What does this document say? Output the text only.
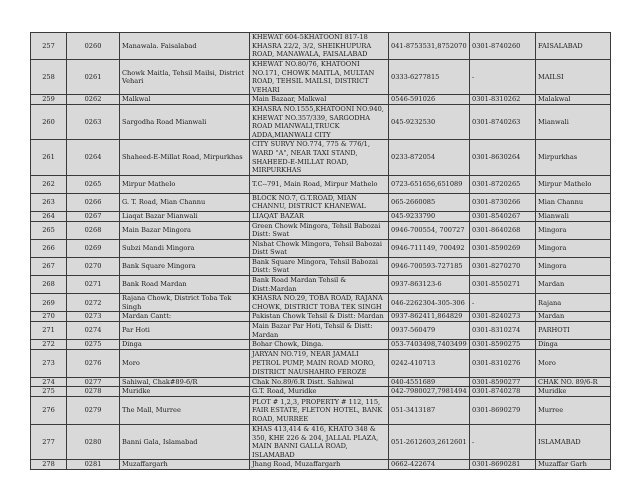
257	0260	Manawala. Faisalabad	KHEWAT 604-5KHATOONI 817-18 KHASRA 22/2, 3/2, SHEIKHUPURA ROAD, MANAWALA, FAISALABAD	041-8753531,8752070	0301-8740260	FAISALABAD
258	0261	Chowk Maitla, Tehsil Mailsi, District Vehari	KHEWAT NO.80/76, KHATOONI NO.171, CHOWK MAITLA, MULTAN ROAD, TEHSIL MAILSI, DISTRICT VEHARI	0333-6277815	-	MAILSI
259	0262	Malkwal	Main Bazaar, Malkwal	0546-591026	0301-8310262	Malakwal
260	0263	Sargodha Road Mianwali	KHASRA NO.1555,KHATOONI NO.940, KHEWAT NO.357/339, SARGODHA ROAD MIANWALI,TRUCK ADDA,MIANWALI CITY	045-9232530	0301-8740263	Mianwali
261	0264	Shaheed-E-Millat Road, Mirpurkhas	CITY SURVY NO.774, 775 & 776/1, WARD "A", NEAR TAXI STAND, SHAHEED-E-MILLAT ROAD, MIRPURKHAS	0233-872054	0301-8630264	Mirpurkhas
262	0265	Mirpur Mathelo	T.C--791, Main Road, Mirpur Mathelo	0723-651656,651089	0301-8720265	Mirpur Mathelo
263	0266	G. T. Road, Mian Channu	BLOCK NO.7, G.T.ROAD, MIAN CHANNU, DISTRICT KHANEWAL	065-2660085	0301-8730266	Mian Channu
264	0267	Liaqat Bazar Mianwali	LIAQAT BAZAR	045-9233790	0301-8540267	Mianwali
265	0268	Main Bazar Mingora	Green Chowk Mingora, Tehsil Babozai Distt: Swat	0946-700554, 700727	0301-8640268	Mingora
266	0269	Subzi Mandi Mingora	Nishat Chowk Mingora, Tehsil Babozai Distt Swat	0946-711149, 700492	0301-8590269	Mingora
267	0270	Bank Square Mingora	Bank Square Mingora, Tehsil Babozai Distt: Swat	0946-700593-727185	0301-8270270	Mingora
268	0271	Bank Road Mardan	Bank Road Mardan Tehsil & Distt:Mardan	0937-863123-6	0301-8550271	Mardan
269	0272	Rajana Chowk, District Toba Tek Singh	KHASRA NO.29, TOBA ROAD, RAJANA CHOWK, DISTRICT TOBA TEK SINGH	046-2262304-305-306	-	Rajana
270	0273	Mardan Cantt:	Pakistan Chowk Tehsil & Distt: Mardan	0937-862411,864829	0301-8240273	Mardan
271	0274	Par Hoti	Main Bazar Par Hoti, Tehsil & Distt: Mardan	0937-560479	0301-8310274	PARHOTI
272	0275	Dinga	Bohar Chowk, Dinga.	053-7403498,7403499	0301-8590275	Dinga
273	0276	Moro	JARYAN NO.719, NEAR JAMALI PETROL PUMP, MAIN ROAD MORO, DISTRICT NAUSHAHRO FEROZE	0242-410713	0301-8310276	Moro
274	0277	Sahiwal, Chak#89-6/R	Chak No.89/6.R Distt. Sahiwal	040-4551689	0301-8590277	CHAK NO. 89/6-R
275	0278	Muridke	G.T. Road, Muridke	042-7980027,7981494	0301-8740278	Muridke
276	0279	The Mall, Murree	PLOT # 1,2,3, PROPERTY # 112, 115, FAIR ESTATE, FLETON HOTEL, BANK ROAD, MURREE	051-3413187	0301-8690279	Murree
277	0280	Banni Gala, Islamabad	KHAS 413,414 & 416, KHATO 348 & 350, KHE 226 & 204, JALLAL PLAZA, MAIN BANNI GALLA ROAD, ISLAMABAD	051-2612603,2612601	-	ISLAMABAD
278	0281	Muzaffargarh	Jhang Road, Muzaffargarh	0662-422674	0301-8690281	Muzaffar Garh
